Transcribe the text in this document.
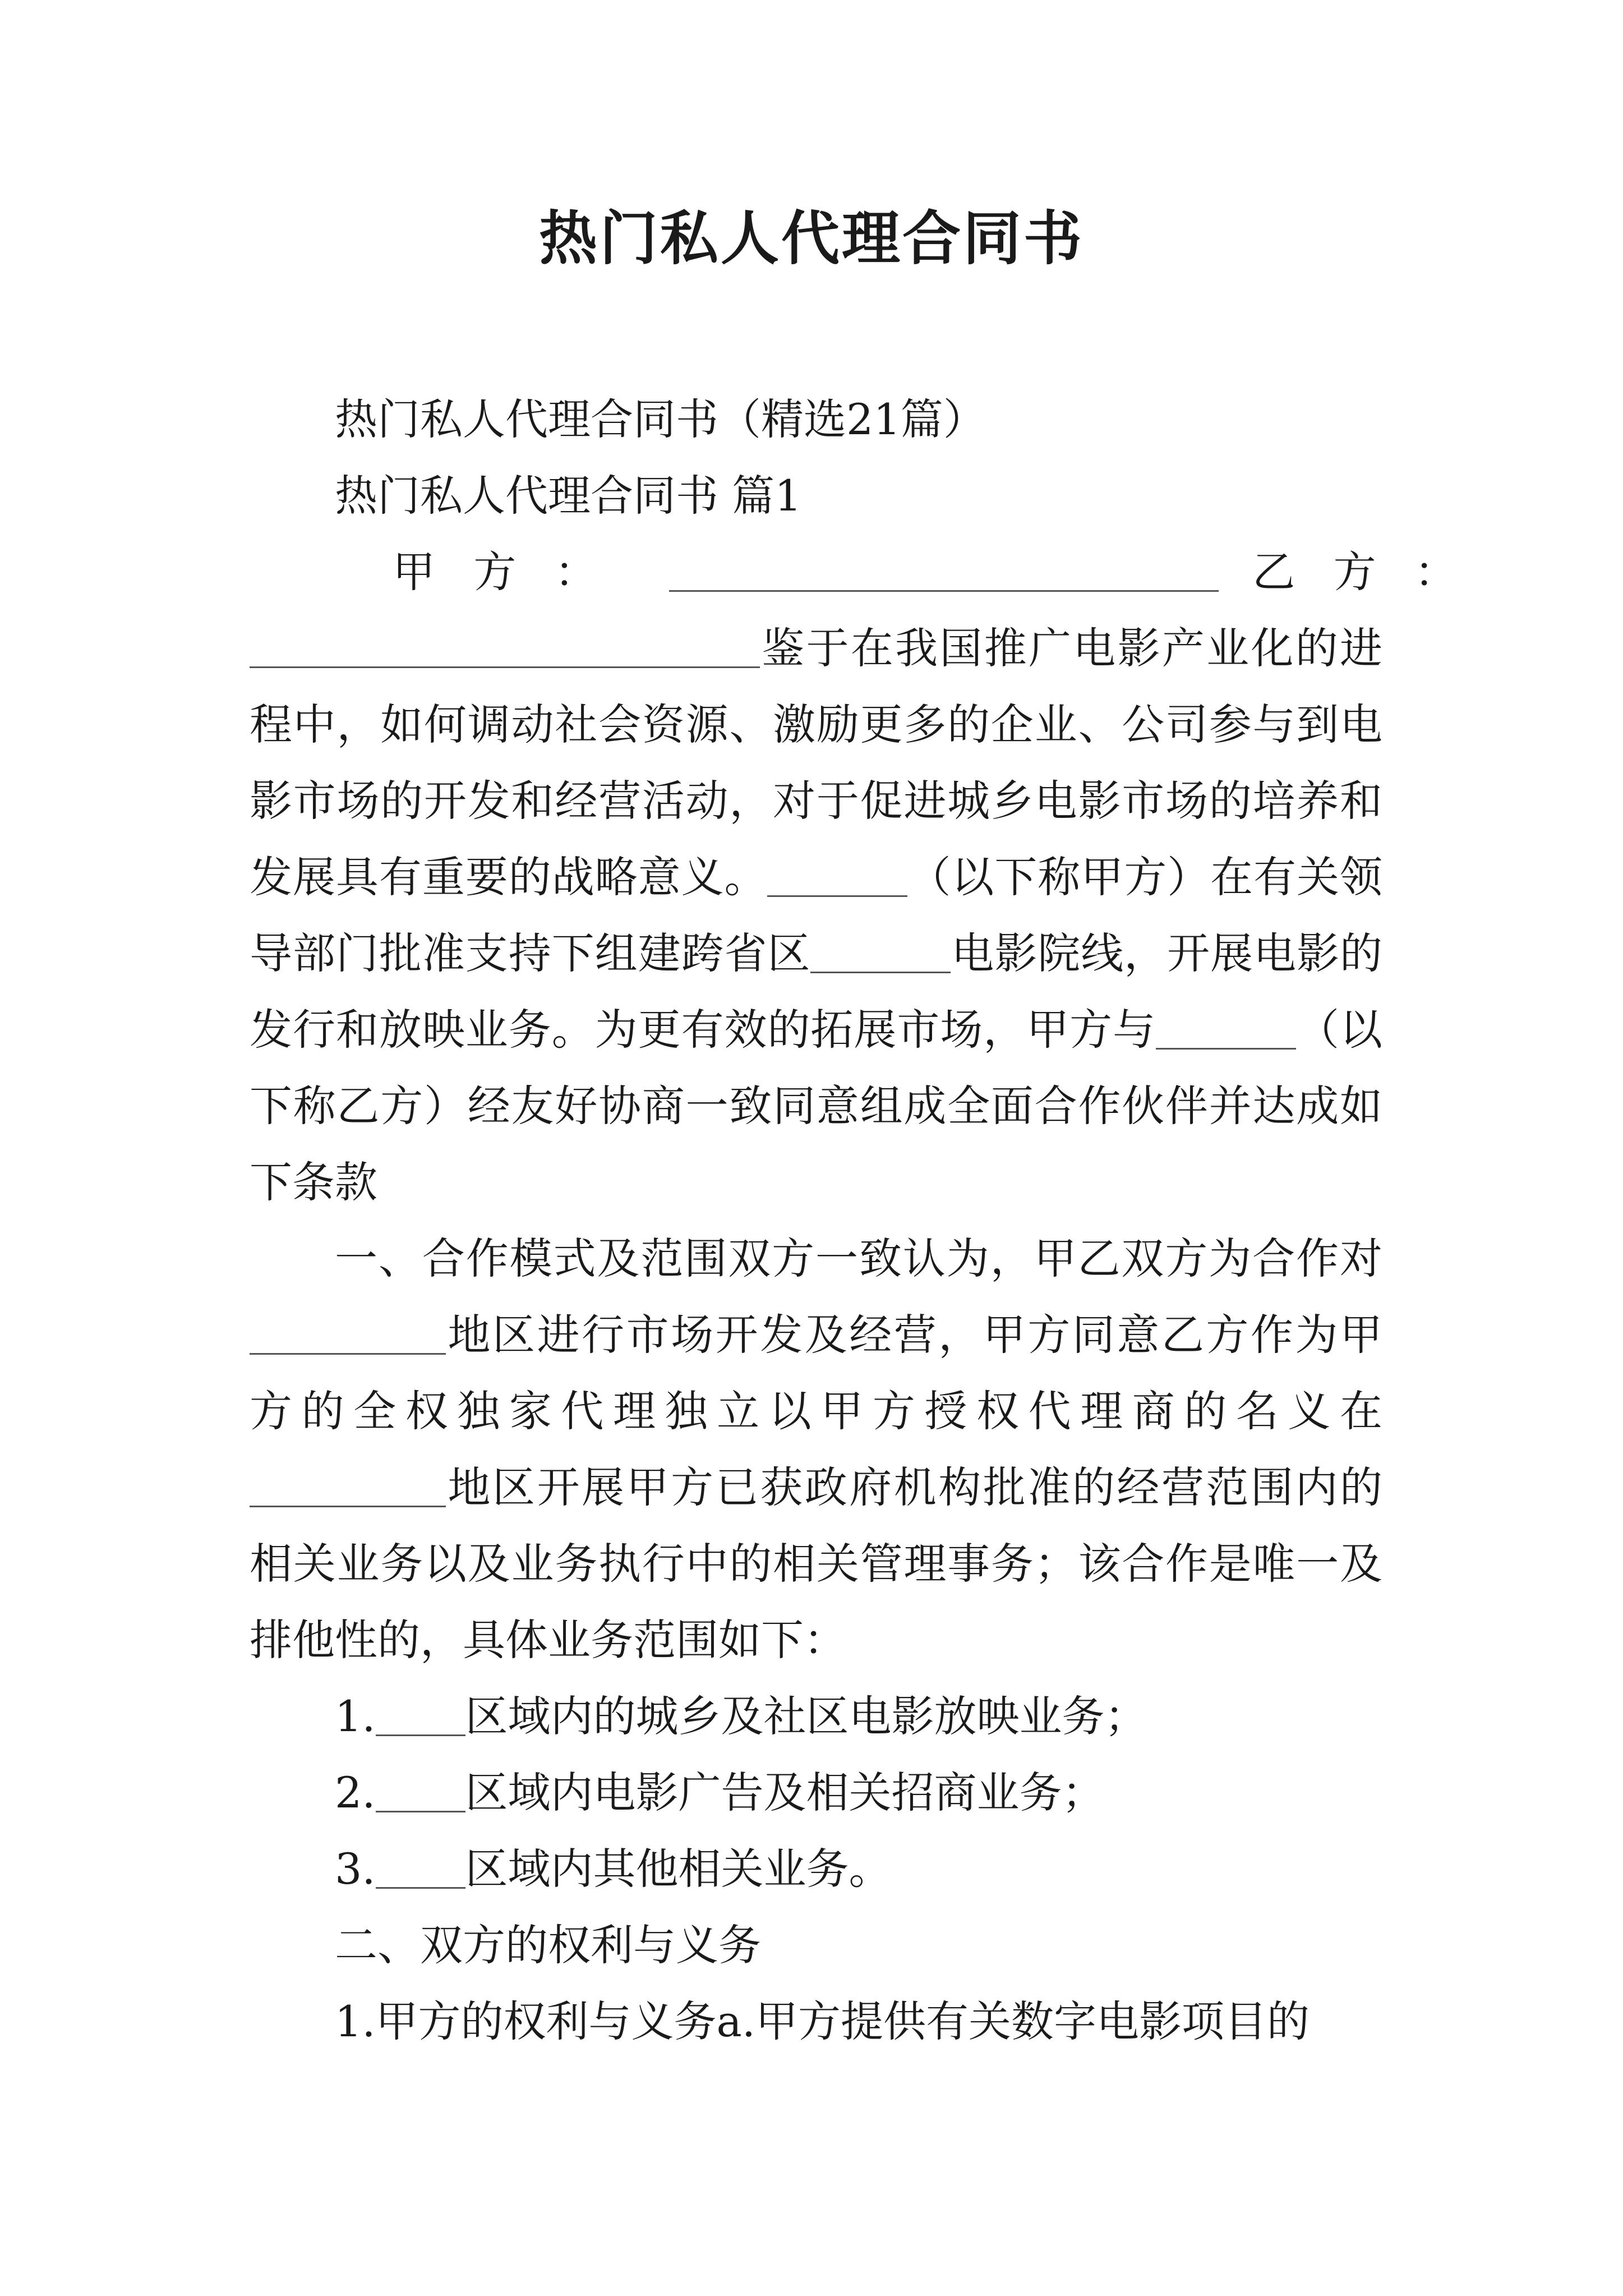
热门私人代理合同书

热门私人代理合同书（精选21篇）

热门私人代理合同书 篇1

甲方：	乙方：

鉴于在我国推广电影产业化的进程中，如何调动社会资源、激励更多的企业、公司参与到电影市场的开发和经营活动，对于促进城乡电影市场的培养和发展具有重要的战略意义。	（以下称甲方）在有关领导部门批准支持下组建跨省区	电影院线，开展电影的发行和放映业务。为更有效的拓展市场，甲方与	（以下称乙方）经友好协商一致同意组成全面合作伙伴并达成如下条款

一、合作模式及范围双方一致认为，甲乙双方为合作对地区进行市场开发及经营，甲方同意乙方作为甲方的全权独家代理独立以甲方授权代理商的名义在地区开展甲方已获政府机构批准的经营范围内的相关业务以及业务执行中的相关管理事务；该合作是唯一及排他性的，具体业务范围如下：

1. 区域内的城乡及社区电影放映业务；

2. 区域内电影广告及相关招商业务；

3. 区域内其他相关业务。

二、双方的权利与义务

1.甲方的权利与义务a.甲方提供有关数字电影项目的
